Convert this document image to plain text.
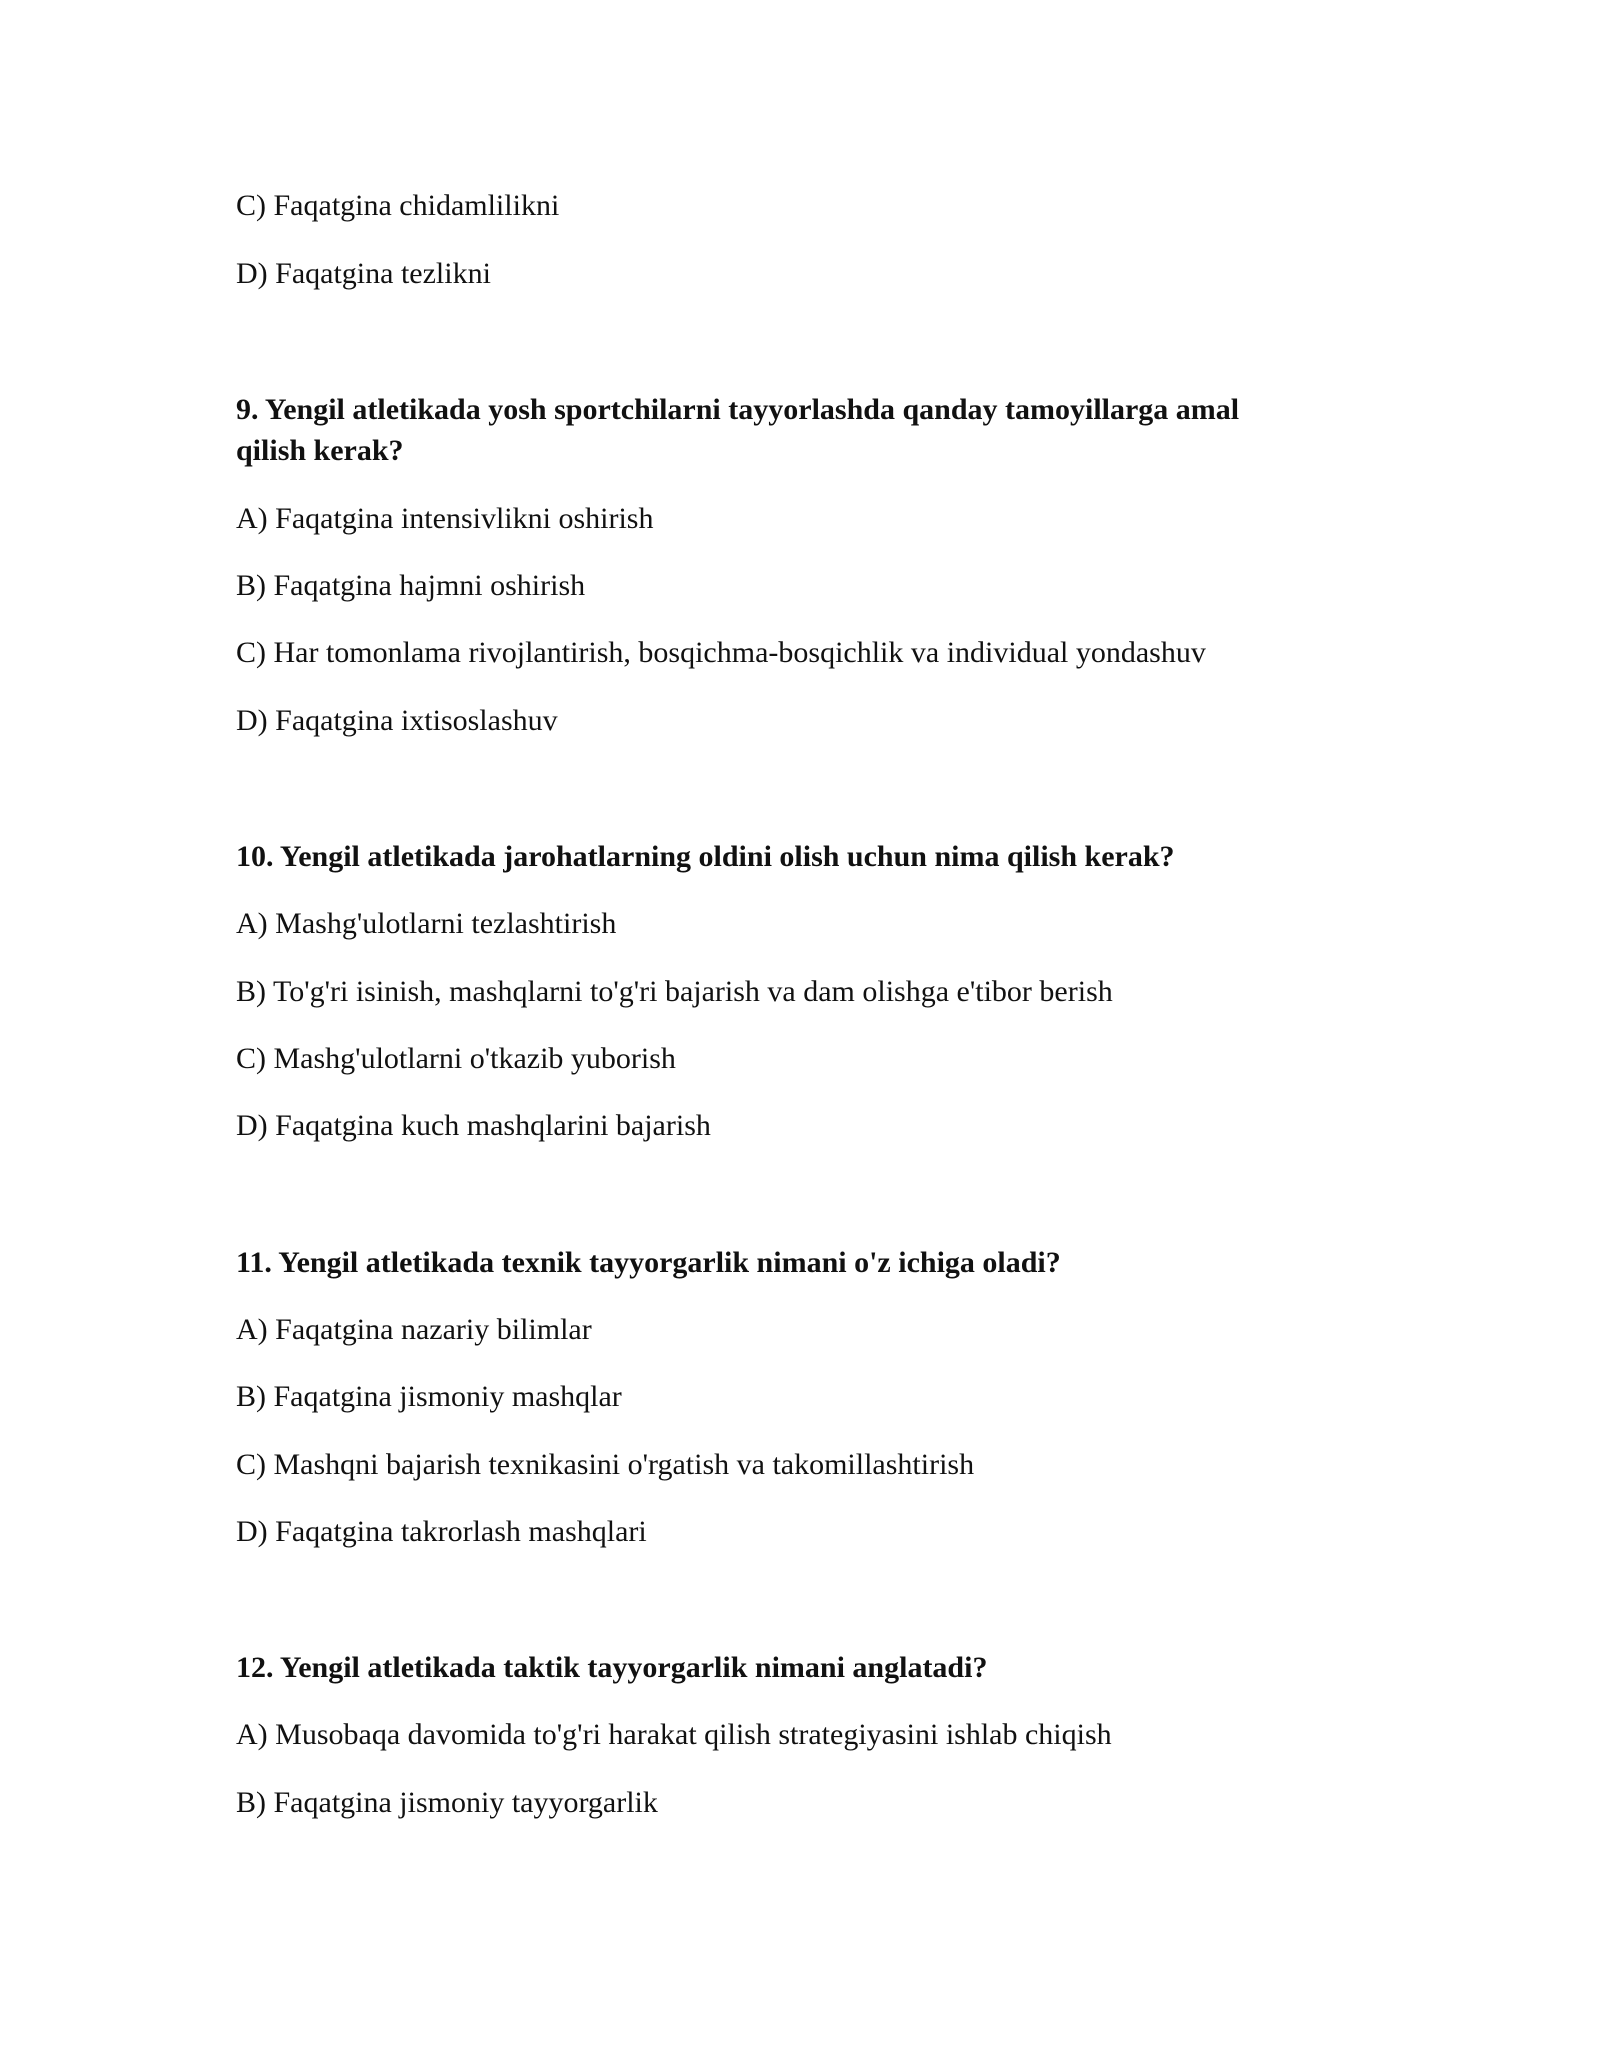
C) Faqatgina chidamlilikni

D) Faqatgina tezlikni

9. Yengil atletikada yosh sportchilarni tayyorlashda qanday tamoyillarga amal

qilish kerak?

A) Faqatgina intensivlikni oshirish

B) Faqatgina hajmni oshirish

C) Har tomonlama rivojlantirish, bosqichma-bosqichlik va individual yondashuv

D) Faqatgina ixtisoslashuv

10. Yengil atletikada jarohatlarning oldini olish uchun nima qilish kerak?

A) Mashg'ulotlarni tezlashtirish

B) To'g'ri isinish, mashqlarni to'g'ri bajarish va dam olishga e'tibor berish

C) Mashg'ulotlarni o'tkazib yuborish

D) Faqatgina kuch mashqlarini bajarish

11. Yengil atletikada texnik tayyorgarlik nimani o'z ichiga oladi?

A) Faqatgina nazariy bilimlar

B) Faqatgina jismoniy mashqlar

C) Mashqni bajarish texnikasini o'rgatish va takomillashtirish

D) Faqatgina takrorlash mashqlari

12. Yengil atletikada taktik tayyorgarlik nimani anglatadi?

A) Musobaqa davomida to'g'ri harakat qilish strategiyasini ishlab chiqish

B) Faqatgina jismoniy tayyorgarlik
